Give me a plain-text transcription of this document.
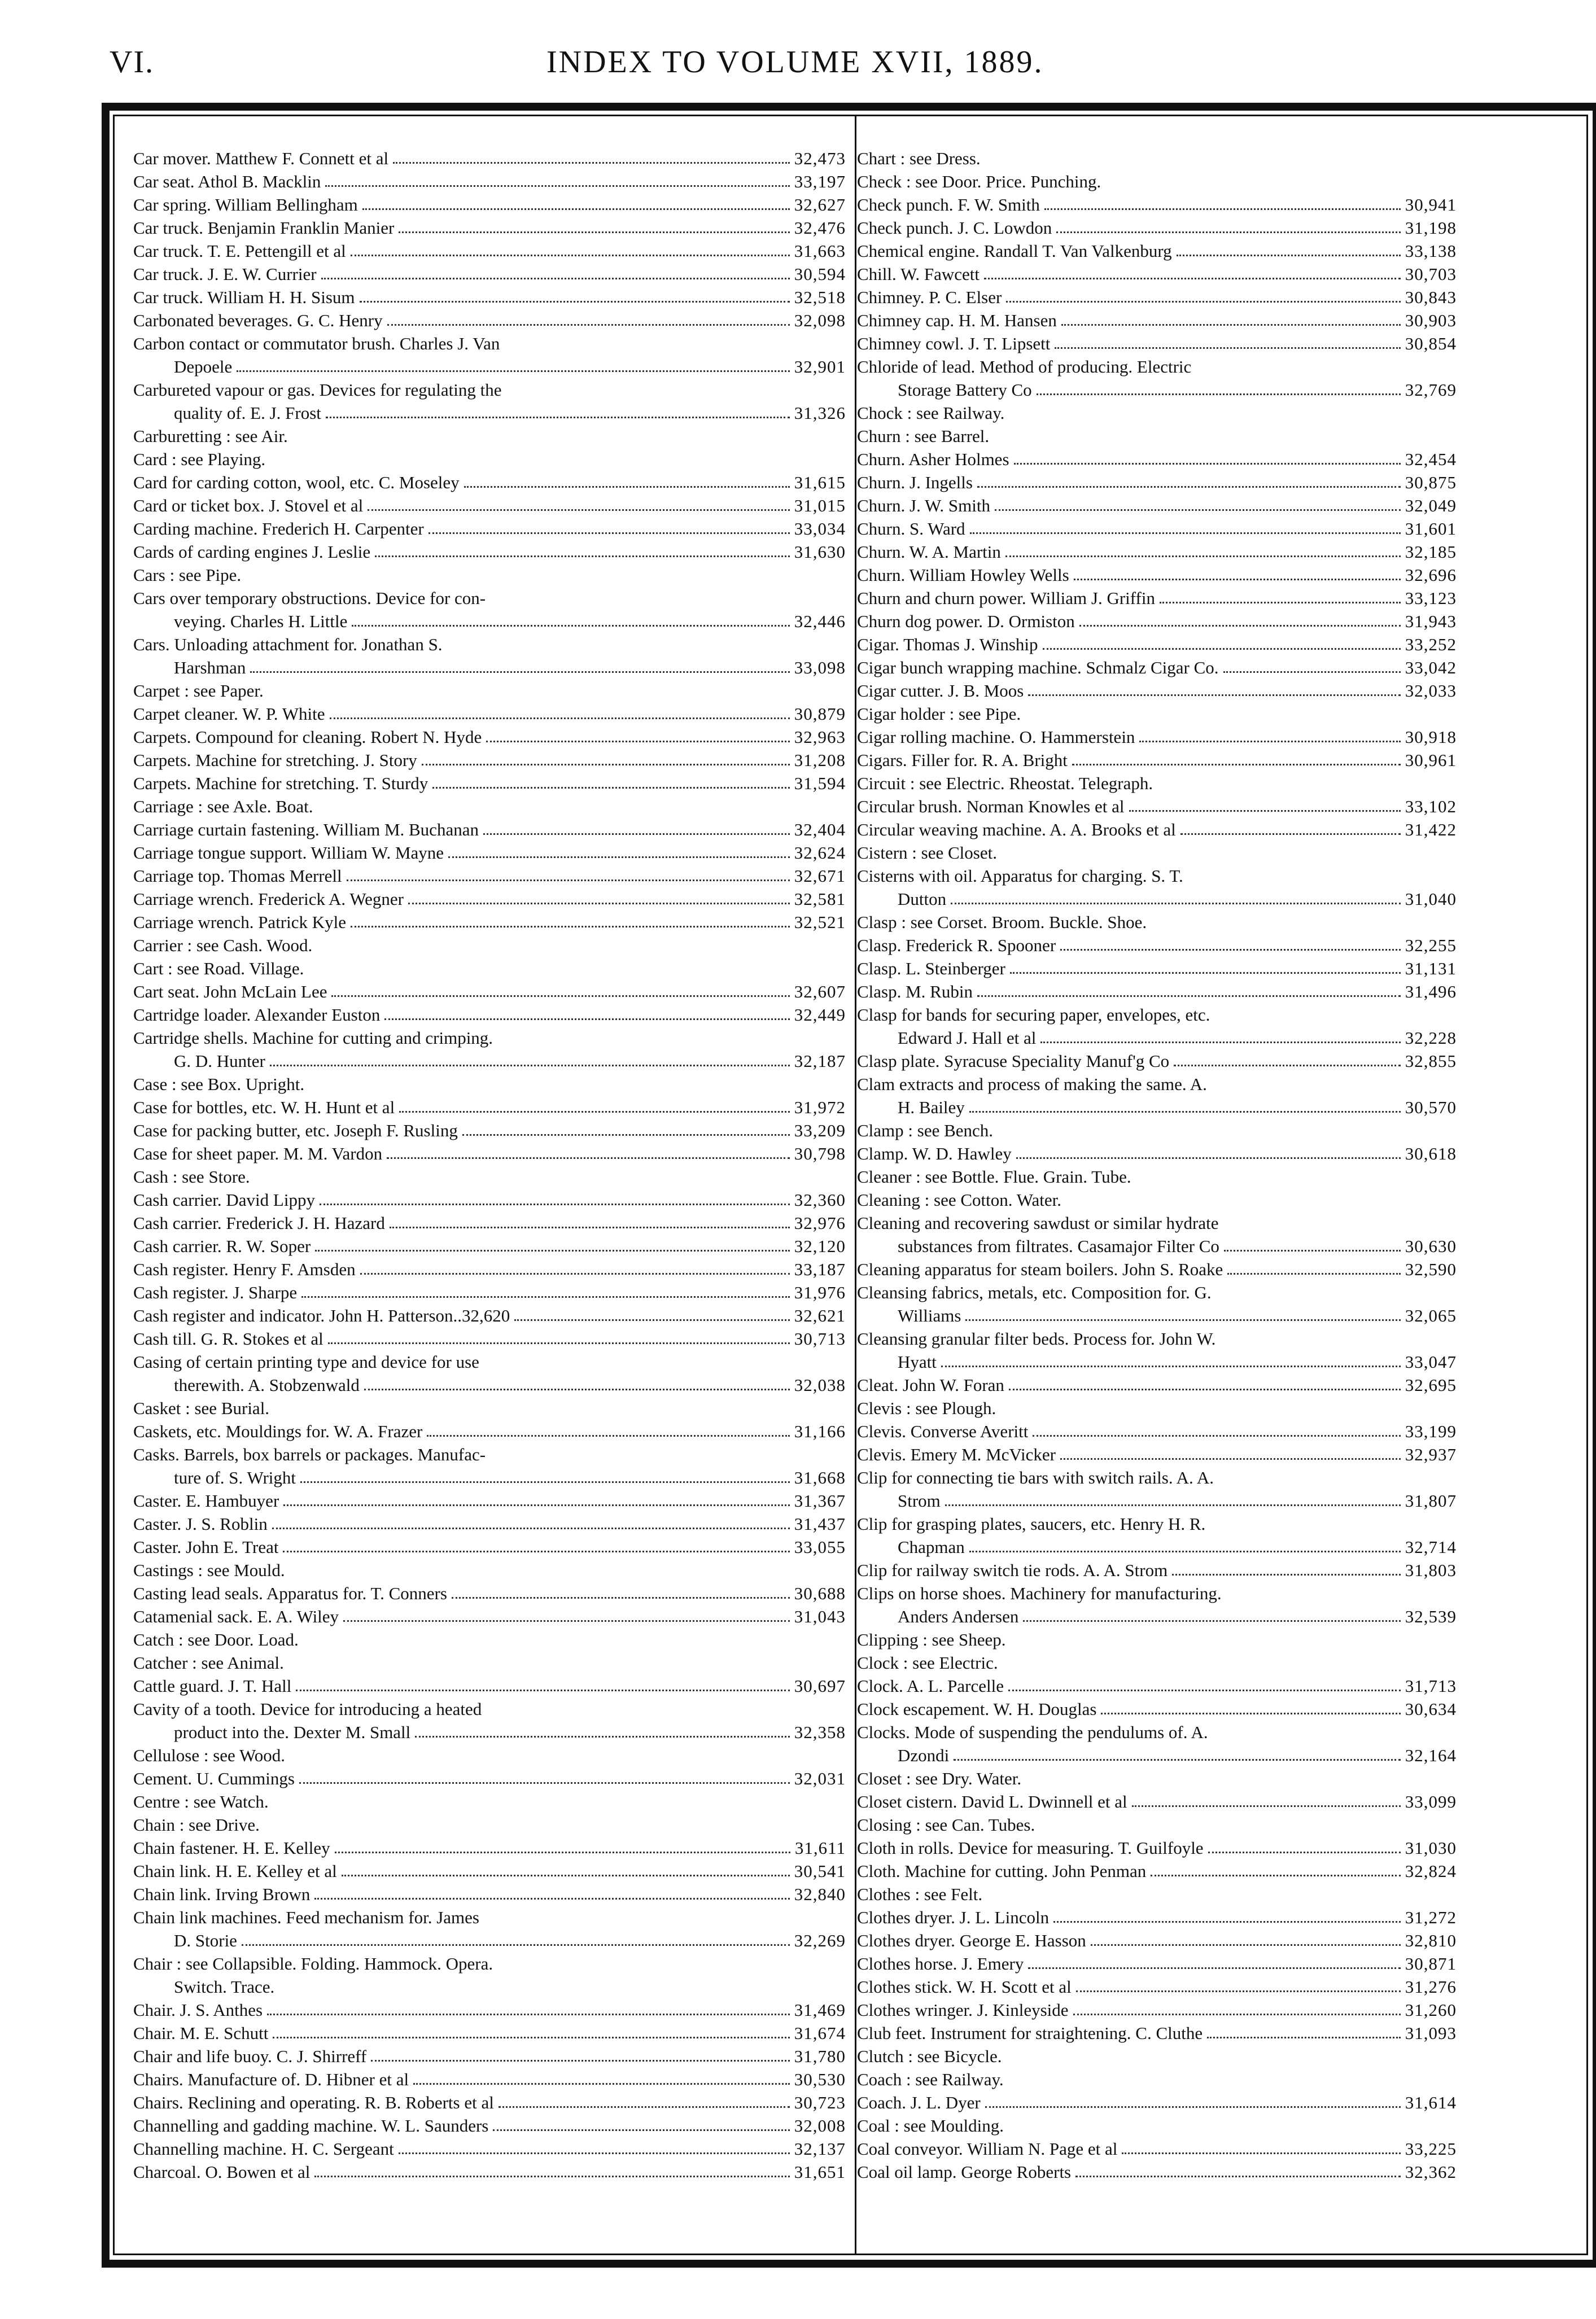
VI.	INDEX TO VOLUME XVII, 1889.
Car mover. Matthew F. Connett et al	32,473
Car seat. Athol B. Macklin	33,197
Car spring. William Bellingham	32,627
Car truck. Benjamin Franklin Manier	32,476
Car truck. T. E. Pettengill et al	31,663
Car truck. J. E. W. Currier	30,594
Car truck. William H. H. Sisum	32,518
Carbonated beverages. G. C. Henry	32,098
Carbon contact or commutator brush. Charles J. Van
Depoele	32,901
Carbureted vapour or gas. Devices for regulating the
quality of. E. J. Frost	31,326
Carburetting : see Air.
Card : see Playing.
Card for carding cotton, wool, etc. C. Moseley	31,615
Card or ticket box. J. Stovel et al	31,015
Carding machine. Frederich H. Carpenter	33,034
Cards of carding engines J. Leslie	31,630
Cars : see Pipe.
Cars over temporary obstructions. Device for con-
veying. Charles H. Little	32,446
Cars. Unloading attachment for. Jonathan S.
Harshman	33,098
Carpet : see Paper.
Carpet cleaner. W. P. White	30,879
Carpets. Compound for cleaning. Robert N. Hyde	32,963
Carpets. Machine for stretching. J. Story	31,208
Carpets. Machine for stretching. T. Sturdy	31,594
Carriage : see Axle. Boat.
Carriage curtain fastening. William M. Buchanan	32,404
Carriage tongue support. William W. Mayne	32,624
Carriage top. Thomas Merrell	32,671
Carriage wrench. Frederick A. Wegner	32,581
Carriage wrench. Patrick Kyle	32,521
Carrier : see Cash. Wood.
Cart : see Road. Village.
Cart seat. John McLain Lee	32,607
Cartridge loader. Alexander Euston	32,449
Cartridge shells. Machine for cutting and crimping.
G. D. Hunter	32,187
Case : see Box. Upright.
Case for bottles, etc. W. H. Hunt et al	31,972
Case for packing butter, etc. Joseph F. Rusling	33,209
Case for sheet paper. M. M. Vardon	30,798
Cash : see Store.
Cash carrier. David Lippy	32,360
Cash carrier. Frederick J. H. Hazard	32,976
Cash carrier. R. W. Soper	32,120
Cash register. Henry F. Amsden	33,187
Cash register. J. Sharpe	31,976
Cash register and indicator. John H. Patterson..32,620	32,621
Cash till. G. R. Stokes et al	30,713
Casing of certain printing type and device for use
therewith. A. Stobzenwald	32,038
Casket : see Burial.
Caskets, etc. Mouldings for. W. A. Frazer	31,166
Casks. Barrels, box barrels or packages. Manufac-
ture of. S. Wright	31,668
Caster. E. Hambuyer	31,367
Caster. J. S. Roblin	31,437
Caster. John E. Treat	33,055
Castings : see Mould.
Casting lead seals. Apparatus for. T. Conners	30,688
Catamenial sack. E. A. Wiley	31,043
Catch : see Door. Load.
Catcher : see Animal.
Cattle guard. J. T. Hall	30,697
Cavity of a tooth. Device for introducing a heated
product into the. Dexter M. Small	32,358
Cellulose : see Wood.
Cement. U. Cummings	32,031
Centre : see Watch.
Chain : see Drive.
Chain fastener. H. E. Kelley	31,611
Chain link. H. E. Kelley et al	30,541
Chain link. Irving Brown	32,840
Chain link machines. Feed mechanism for. James
D. Storie	32,269
Chair : see Collapsible. Folding. Hammock. Opera.
Switch. Trace.
Chair. J. S. Anthes	31,469
Chair. M. E. Schutt	31,674
Chair and life buoy. C. J. Shirreff	31,780
Chairs. Manufacture of. D. Hibner et al	30,530
Chairs. Reclining and operating. R. B. Roberts et al	30,723
Channelling and gadding machine. W. L. Saunders	32,008
Channelling machine. H. C. Sergeant	32,137
Charcoal. O. Bowen et al	31,651
Chart : see Dress.
Check : see Door. Price. Punching.
Check punch. F. W. Smith	30,941
Check punch. J. C. Lowdon	31,198
Chemical engine. Randall T. Van Valkenburg	33,138
Chill. W. Fawcett	30,703
Chimney. P. C. Elser	30,843
Chimney cap. H. M. Hansen	30,903
Chimney cowl. J. T. Lipsett	30,854
Chloride of lead. Method of producing. Electric
Storage Battery Co	32,769
Chock : see Railway.
Churn : see Barrel.
Churn. Asher Holmes	32,454
Churn. J. Ingells	30,875
Churn. J. W. Smith	32,049
Churn. S. Ward	31,601
Churn. W. A. Martin	32,185
Churn. William Howley Wells	32,696
Churn and churn power. William J. Griffin	33,123
Churn dog power. D. Ormiston	31,943
Cigar. Thomas J. Winship	33,252
Cigar bunch wrapping machine. Schmalz Cigar Co.	33,042
Cigar cutter. J. B. Moos	32,033
Cigar holder : see Pipe.
Cigar rolling machine. O. Hammerstein	30,918
Cigars. Filler for. R. A. Bright	30,961
Circuit : see Electric. Rheostat. Telegraph.
Circular brush. Norman Knowles et al	33,102
Circular weaving machine. A. A. Brooks et al	31,422
Cistern : see Closet.
Cisterns with oil. Apparatus for charging. S. T.
Dutton	31,040
Clasp : see Corset. Broom. Buckle. Shoe.
Clasp. Frederick R. Spooner	32,255
Clasp. L. Steinberger	31,131
Clasp. M. Rubin	31,496
Clasp for bands for securing paper, envelopes, etc.
Edward J. Hall et al	32,228
Clasp plate. Syracuse Speciality Manuf'g Co	32,855
Clam extracts and process of making the same. A.
H. Bailey	30,570
Clamp : see Bench.
Clamp. W. D. Hawley	30,618
Cleaner : see Bottle. Flue. Grain. Tube.
Cleaning : see Cotton. Water.
Cleaning and recovering sawdust or similar hydrate
substances from filtrates. Casamajor Filter Co	30,630
Cleaning apparatus for steam boilers. John S. Roake	32,590
Cleansing fabrics, metals, etc. Composition for. G.
Williams	32,065
Cleansing granular filter beds. Process for. John W.
Hyatt	33,047
Cleat. John W. Foran	32,695
Clevis : see Plough.
Clevis. Converse Averitt	33,199
Clevis. Emery M. McVicker	32,937
Clip for connecting tie bars with switch rails. A. A.
Strom	31,807
Clip for grasping plates, saucers, etc. Henry H. R.
Chapman	32,714
Clip for railway switch tie rods. A. A. Strom	31,803
Clips on horse shoes. Machinery for manufacturing.
Anders Andersen	32,539
Clipping : see Sheep.
Clock : see Electric.
Clock. A. L. Parcelle	31,713
Clock escapement. W. H. Douglas	30,634
Clocks. Mode of suspending the pendulums of. A.
Dzondi	32,164
Closet : see Dry. Water.
Closet cistern. David L. Dwinnell et al	33,099
Closing : see Can. Tubes.
Cloth in rolls. Device for measuring. T. Guilfoyle	31,030
Cloth. Machine for cutting. John Penman	32,824
Clothes : see Felt.
Clothes dryer. J. L. Lincoln	31,272
Clothes dryer. George E. Hasson	32,810
Clothes horse. J. Emery	30,871
Clothes stick. W. H. Scott et al	31,276
Clothes wringer. J. Kinleyside	31,260
Club feet. Instrument for straightening. C. Cluthe	31,093
Clutch : see Bicycle.
Coach : see Railway.
Coach. J. L. Dyer	31,614
Coal : see Moulding.
Coal conveyor. William N. Page et al	33,225
Coal oil lamp. George Roberts	32,362
